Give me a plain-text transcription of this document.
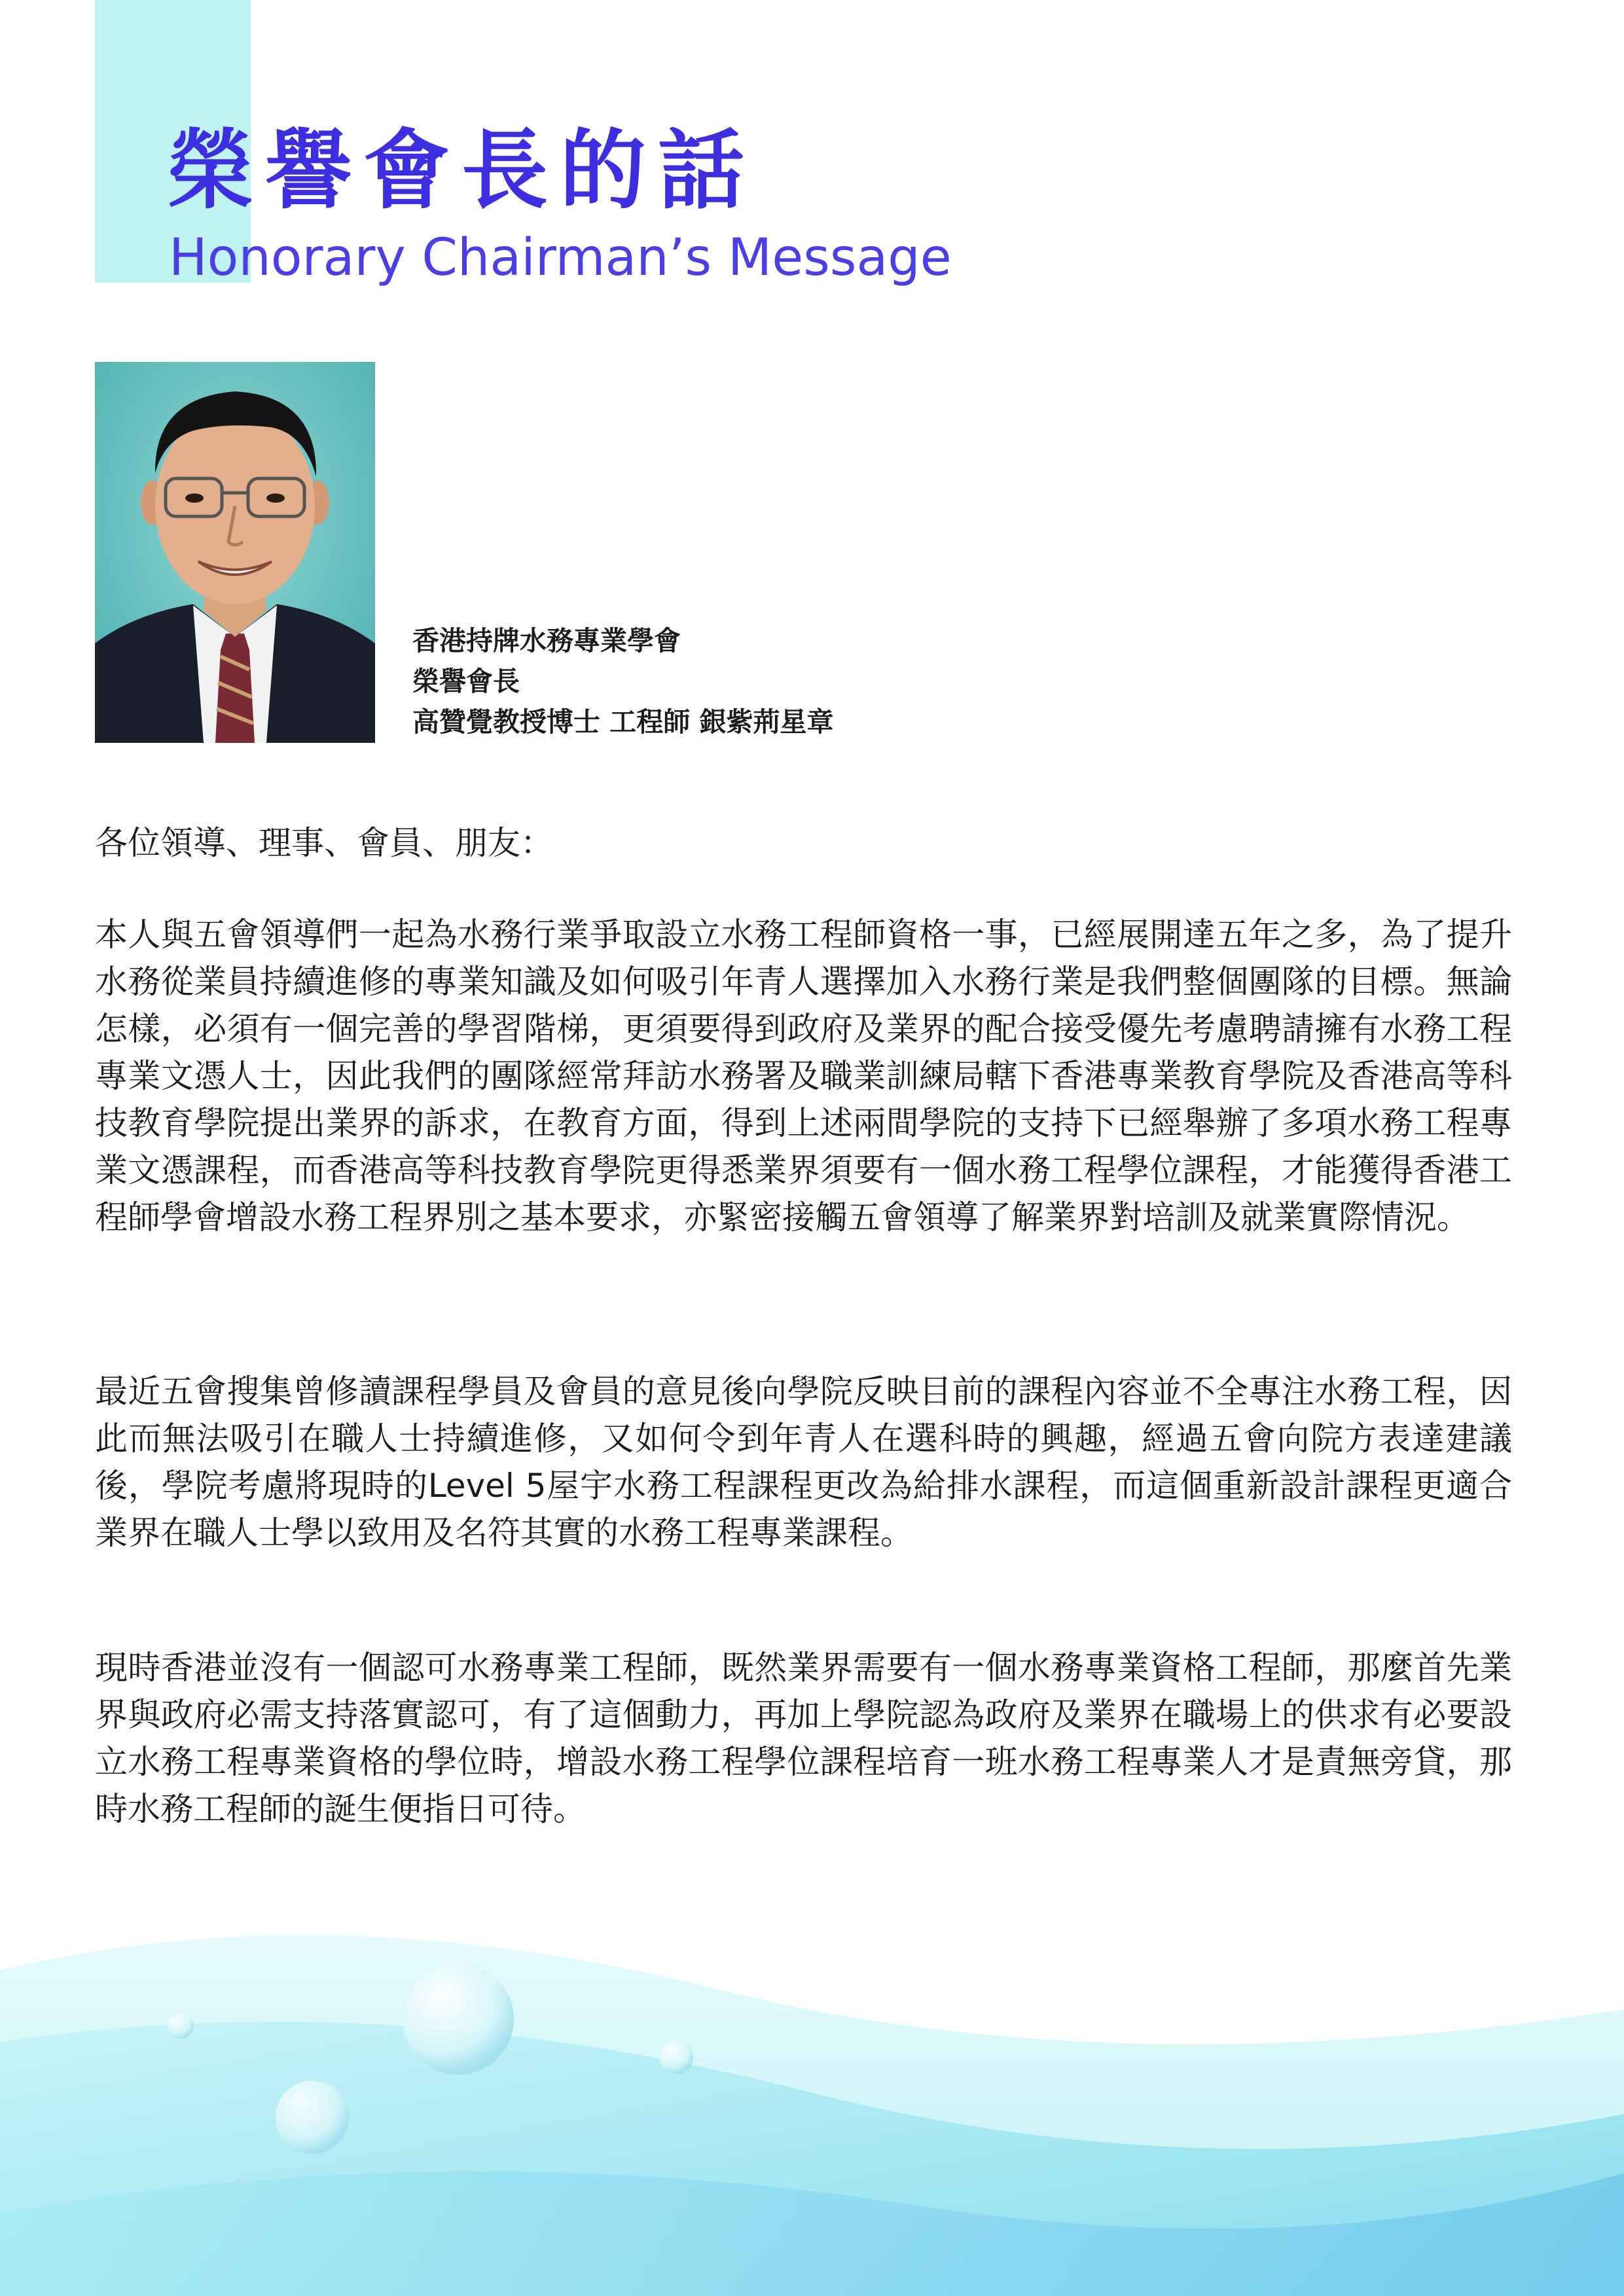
榮譽會長的話
Honorary Chairman’s Message
香港持牌水務專業學會
榮譽會長
高贊覺教授博士 工程師 銀紫荊星章

各位領導、理事、會員、朋友：

本人與五會領導們一起為水務行業爭取設立水務工程師資格一事，已經展開達五年之多，為了提升水務從業員持續進修的專業知識及如何吸引年青人選擇加入水務行業是我們整個團隊的目標。無論怎樣，必須有一個完善的學習階梯，更須要得到政府及業界的配合接受優先考慮聘請擁有水務工程專業文憑人士，因此我們的團隊經常拜訪水務署及職業訓練局轄下香港專業教育學院及香港高等科技教育學院提出業界的訴求，在教育方面，得到上述兩間學院的支持下已經舉辦了多項水務工程專業文憑課程，而香港高等科技教育學院更得悉業界須要有一個水務工程學位課程，才能獲得香港工程師學會增設水務工程界別之基本要求，亦緊密接觸五會領導了解業界對培訓及就業實際情況。

最近五會搜集曾修讀課程學員及會員的意見後向學院反映目前的課程內容並不全專注水務工程，因此而無法吸引在職人士持續進修，又如何令到年青人在選科時的興趣，經過五會向院方表達建議後，學院考慮將現時的Level 5屋宇水務工程課程更改為給排水課程，而這個重新設計課程更適合業界在職人士學以致用及名符其實的水務工程專業課程。

現時香港並沒有一個認可水務專業工程師，既然業界需要有一個水務專業資格工程師，那麼首先業界與政府必需支持落實認可，有了這個動力，再加上學院認為政府及業界在職場上的供求有必要設立水務工程專業資格的學位時，增設水務工程學位課程培育一班水務工程專業人才是責無旁貸，那時水務工程師的誕生便指日可待。
